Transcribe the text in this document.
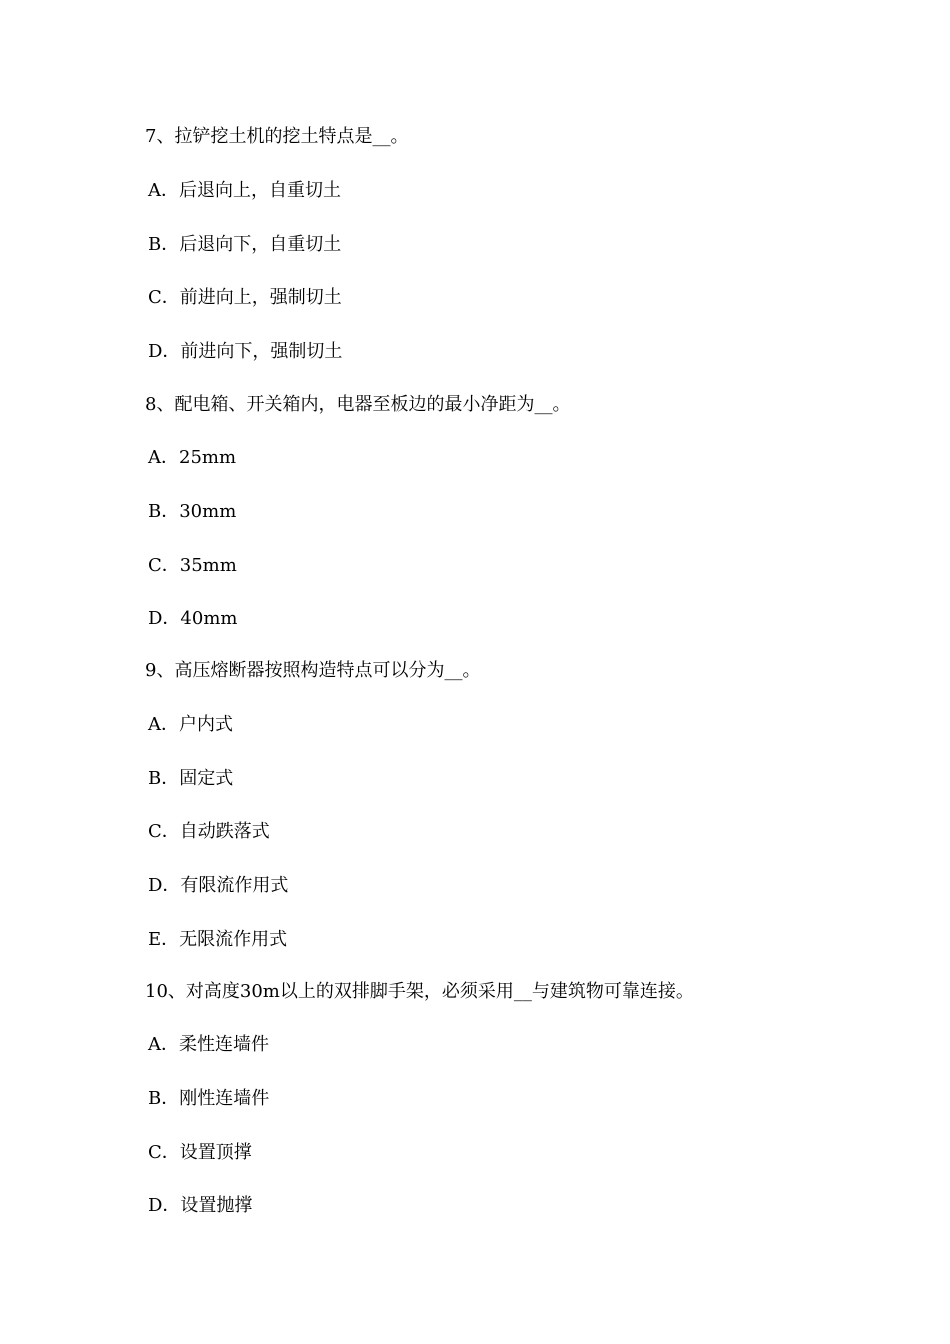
7、拉铲挖土机的挖土特点是__。
A．后退向上，自重切土
B．后退向下，自重切土
C．前进向上，强制切土
D．前进向下，强制切土
8、配电箱、开关箱内，电器至板边的最小净距为__。
A．25mm
B．30mm
C．35mm
D．40mm
9、高压熔断器按照构造特点可以分为__。
A．户内式
B．固定式
C．自动跌落式
D．有限流作用式
E．无限流作用式
10、对高度30m以上的双排脚手架，必须采用__与建筑物可靠连接。
A．柔性连墙件
B．刚性连墙件
C．设置顶撑
D．设置抛撑
